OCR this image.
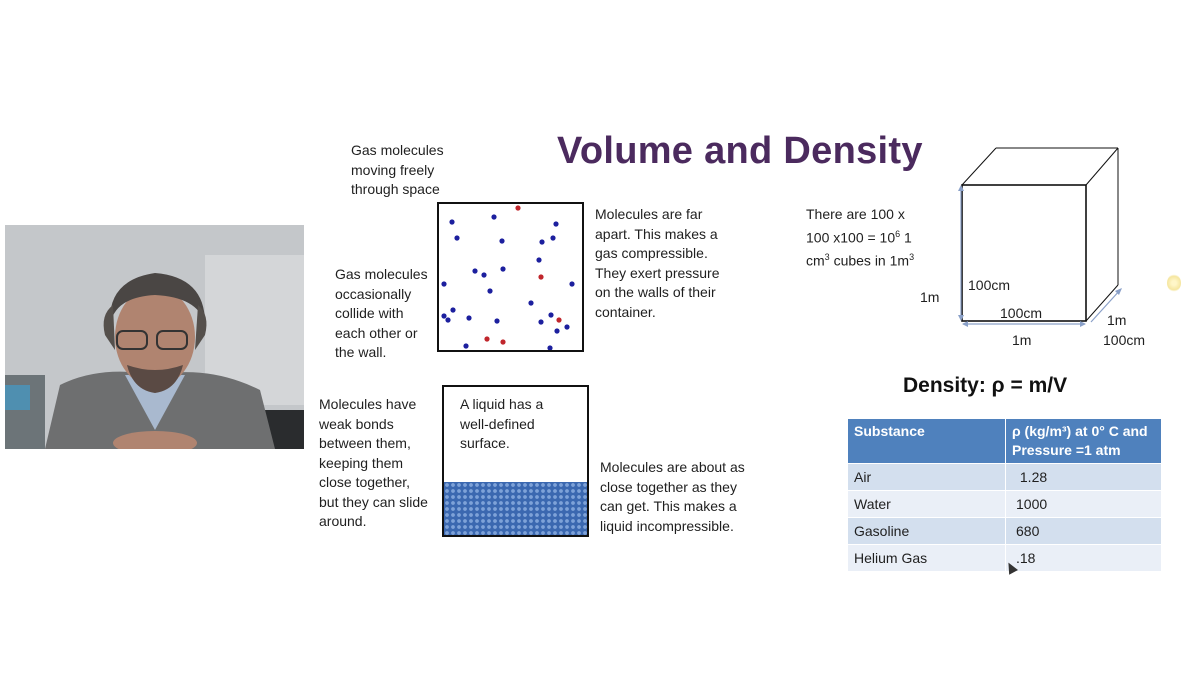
Volume and Density
Gas molecules
moving freely
through space
Gas molecules
occasionally
collide with
each other or
the wall.
Molecules are far
apart. This makes a
gas compressible.
They exert pressure
on the walls of their
container.
Molecules have
weak bonds
between them,
keeping them
close together,
but they can slide
around.
A liquid has a
well-defined
surface.
Molecules are about as
close together as they
can get. This makes a
liquid incompressible.
There are 100 x
100 $x100 = 10^6$ 1
$cm^3$ cubes in $1m^3$
1m
100cm
100cm
1m
1m
100cm
Density: ρ = m/V
Substance	ρ (kg/m³) at 0° C and
Pressure =1 atm
Air	1.28
Water	1000
Gasoline	680
Helium Gas	.18
